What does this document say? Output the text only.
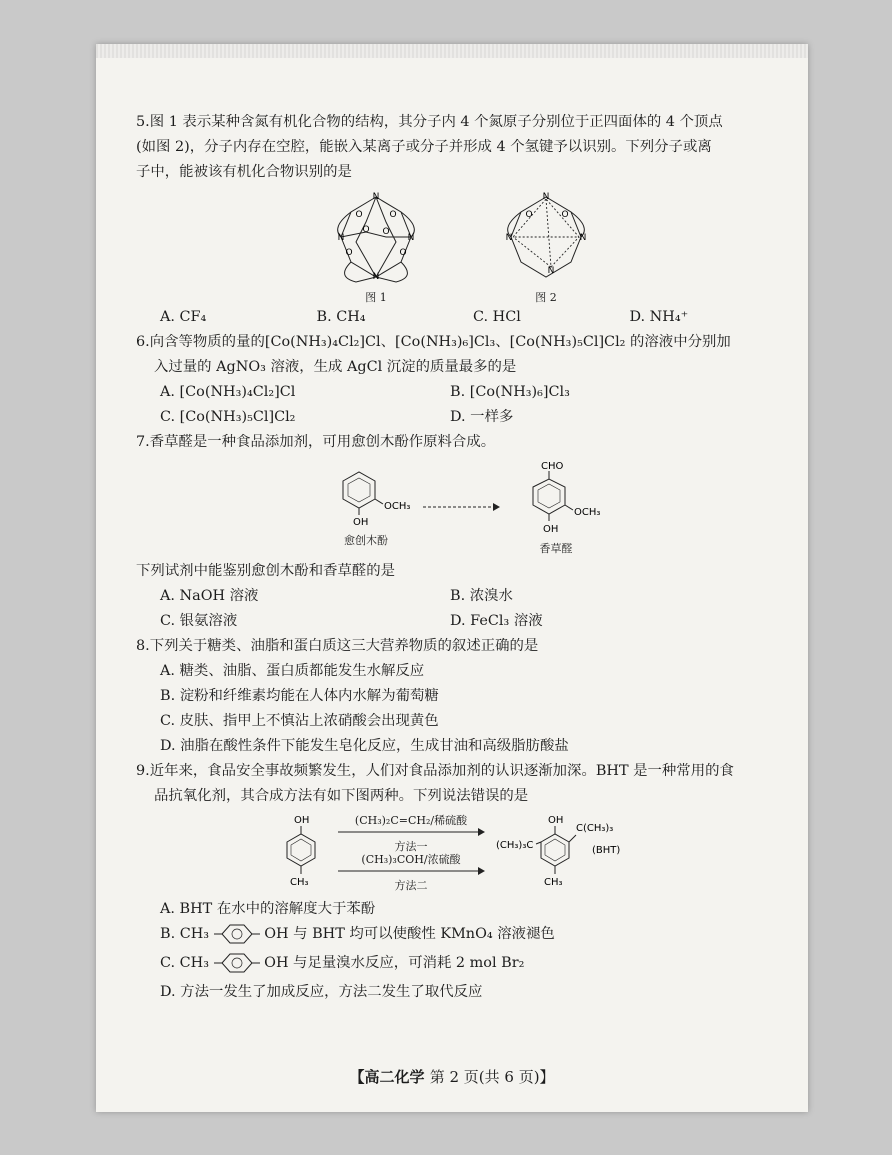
5.图 1 表示某种含氮有机化合物的结构，其分子内 4 个氮原子分别位于正四面体的 4 个顶点

(如图 2)，分子内存在空腔，能嵌入某离子或分子并形成 4 个氢键予以识别。下列分子或离

子中，能被该有机化合物识别的是

N
N	N
N
O	O
O O
O	O
图 1
N
N	N
N
O	O
图 2
A. CF₄	B. CH₄	C. HCl	D. NH₄⁺

6.向含等物质的量的[Co(NH₃)₄Cl₂]Cl、[Co(NH₃)₆]Cl₃、[Co(NH₃)₅Cl]Cl₂ 的溶液中分别加

入过量的 AgNO₃ 溶液，生成 AgCl 沉淀的质量最多的是

A. [Co(NH₃)₄Cl₂]Cl	B. [Co(NH₃)₆]Cl₃
C. [Co(NH₃)₅Cl]Cl₂	D. 一样多

7.香草醛是一种食品添加剂，可用愈创木酚作原料合成。

OCH₃
OH
愈创木酚
CHO
OCH₃
OH
香草醛

下列试剂中能鉴别愈创木酚和香草醛的是

A. NaOH 溶液	B. 浓溴水
C. 银氨溶液	D. FeCl₃ 溶液

8.下列关于糖类、油脂和蛋白质这三大营养物质的叙述正确的是

A. 糖类、油脂、蛋白质都能发生水解反应

B. 淀粉和纤维素均能在人体内水解为葡萄糖

C. 皮肤、指甲上不慎沾上浓硝酸会出现黄色

D. 油脂在酸性条件下能发生皂化反应，生成甘油和高级脂肪酸盐

9.近年来，食品安全事故频繁发生，人们对食品添加剂的认识逐渐加深。BHT 是一种常用的食

品抗氧化剂，其合成方法有如下图两种。下列说法错误的是

OH
CH₃
(CH₃)₂C=CH₂/稀硫酸
方法一
(CH₃)₃COH/浓硫酸
方法二
(CH₃)₃C
OH
C(CH₃)₃
(BHT)
CH₃

A. BHT 在水中的溶解度大于苯酚

B. CH₃	OH 与 BHT 均可以使酸性 KMnO₄ 溶液褪色

C. CH₃	OH 与足量溴水反应，可消耗 2 mol Br₂

D. 方法一发生了加成反应，方法二发生了取代反应

【高二化学 第 2 页(共 6 页)】
